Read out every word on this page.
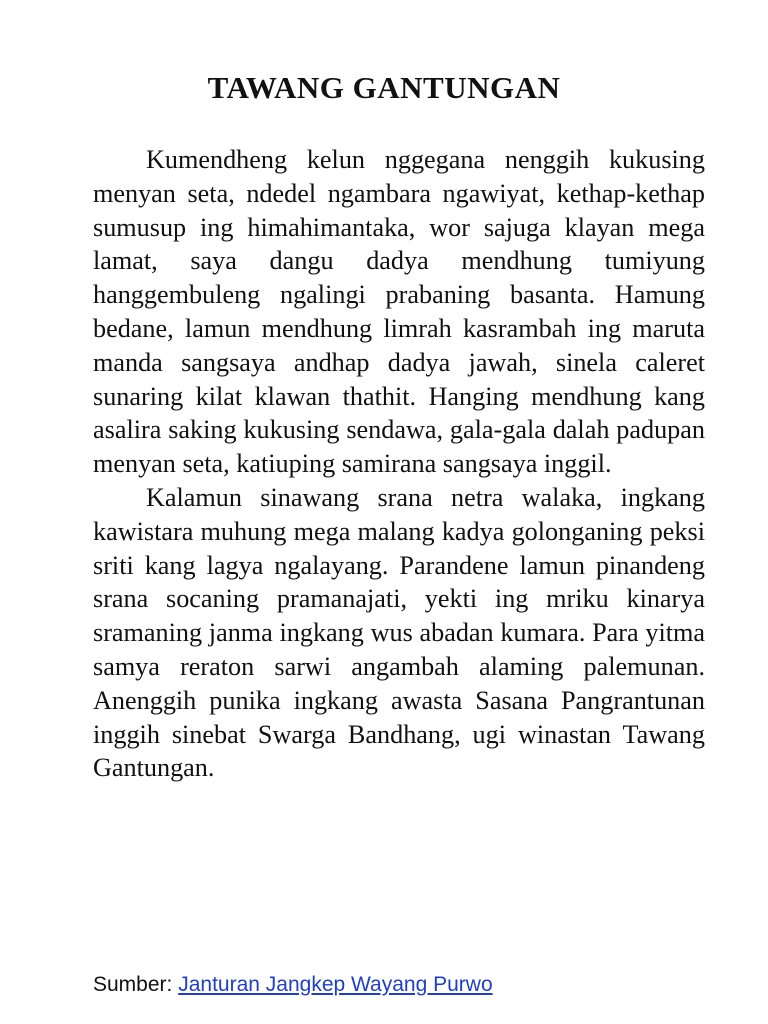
TAWANG GANTUNGAN

Kumendheng kelun nggegana nenggih kukusing menyan seta, ndedel ngambara ngawiyat, kethap-kethap sumusup ing himahimantaka, wor sajuga klayan mega lamat, saya dangu dadya mendhung tumiyung hanggembuleng ngalingi prabaning basanta. Hamung bedane, lamun mendhung limrah kasrambah ing maruta manda sangsaya andhap dadya jawah, sinela caleret sunaring kilat klawan thathit. Hanging mendhung kang asalira saking kukusing sendawa, gala-gala dalah padupan menyan seta, katiuping samirana sangsaya inggil.

Kalamun sinawang srana netra walaka, ingkang kawistara muhung mega malang kadya golonganing peksi sriti kang lagya ngalayang. Parandene lamun pinandeng srana socaning pramanajati, yekti ing mriku kinarya sramaning janma ingkang wus abadan kumara. Para yitma samya reraton sarwi angambah alaming palemunan. Anenggih punika ingkang awasta Sasana Pangrantunan inggih sinebat Swarga Bandhang, ugi winastan Tawang Gantungan.

Sumber: Janturan Jangkep Wayang Purwo
